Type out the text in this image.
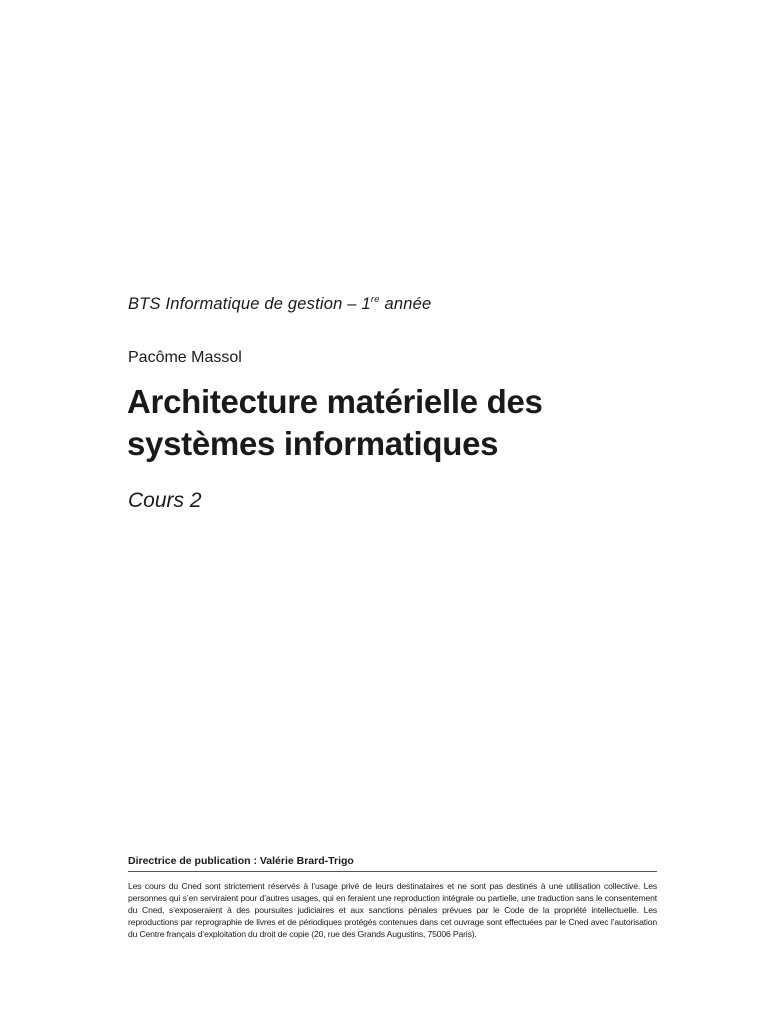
BTS Informatique de gestion – 1re année
Pacôme Massol
Architecture matérielle des
systèmes informatiques
Cours 2
Directrice de publication : Valérie Brard-Trigo
Les cours du Cned sont strictement réservés à l’usage privé de leurs destinataires et ne sont pas destinés à une utilisation collective. Les personnes qui s’en serviraient pour d’autres usages, qui en feraient une reproduction intégrale ou partielle, une traduction sans le consentement du Cned, s’exposeraient à des poursuites judiciaires et aux sanctions pénales prévues par le Code de la propriété intellectuelle. Les reproductions par reprographie de livres et de périodiques protégés contenues dans cet ouvrage sont effectuées par le Cned avec l’autorisation du Centre français d’exploitation du droit de copie (20, rue des Grands Augustins, 75006 Paris).
